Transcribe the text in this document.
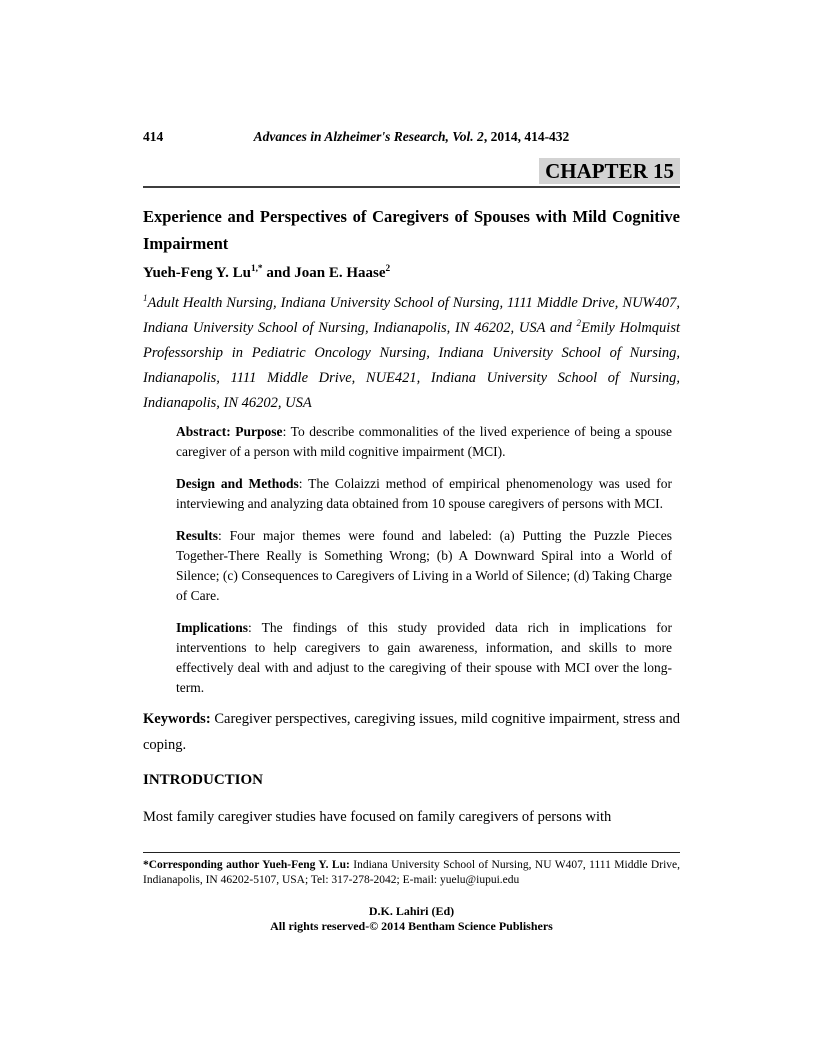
414	Advances in Alzheimer's Research, Vol. 2, 2014, 414-432
CHAPTER 15
Experience and Perspectives of Caregivers of Spouses with Mild Cognitive Impairment
Yueh-Feng Y. $Lu^{1,*}$ and Joan E. Haase$^2$
$^1$Adult Health Nursing, Indiana University School of Nursing, 1111 Middle Drive, NUW407, Indiana University School of Nursing, Indianapolis, IN 46202, USA and $^2$Emily Holmquist Professorship in Pediatric Oncology Nursing, Indiana University School of Nursing, Indianapolis, 1111 Middle Drive, NUE421, Indiana University School of Nursing, Indianapolis, IN 46202, USA

Abstract: Purpose: To describe commonalities of the lived experience of being a spouse caregiver of a person with mild cognitive impairment (MCI).

Design and Methods: The Colaizzi method of empirical phenomenology was used for interviewing and analyzing data obtained from 10 spouse caregivers of persons with MCI.

Results: Four major themes were found and labeled: (a) Putting the Puzzle Pieces Together-There Really is Something Wrong; (b) A Downward Spiral into a World of Silence; (c) Consequences to Caregivers of Living in a World of Silence; (d) Taking Charge of Care.

Implications: The findings of this study provided data rich in implications for interventions to help caregivers to gain awareness, information, and skills to more effectively deal with and adjust to the caregiving of their spouse with MCI over the long-term.

Keywords: Caregiver perspectives, caregiving issues, mild cognitive impairment, stress and coping.
INTRODUCTION
Most family caregiver studies have focused on family caregivers of persons with
*Corresponding author Yueh-Feng Y. Lu: Indiana University School of Nursing, NU W407, 1111 Middle Drive, Indianapolis, IN 46202-5107, USA; Tel: 317-278-2042; E-mail: yuelu@iupui.edu
D.K. Lahiri (Ed)
All rights reserved-© 2014 Bentham Science Publishers
